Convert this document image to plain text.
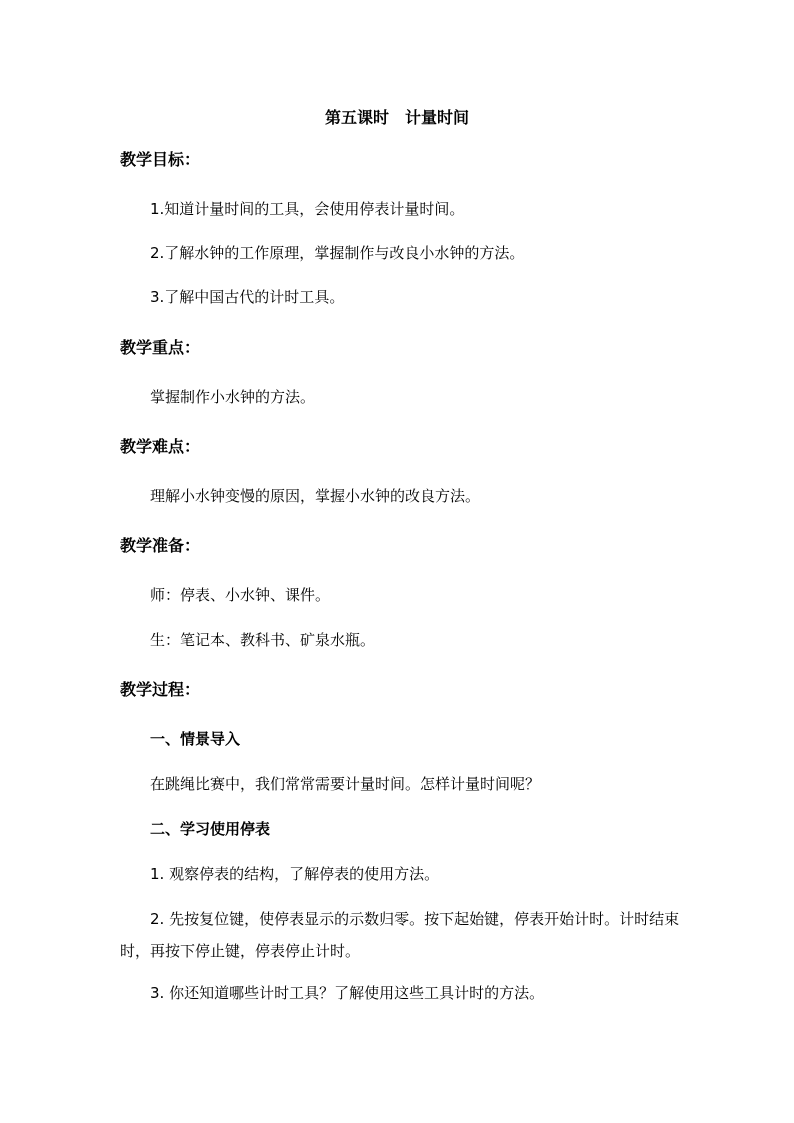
第五课时　计量时间
教学目标：
1.知道计量时间的工具，会使用停表计量时间。
2.了解水钟的工作原理，掌握制作与改良小水钟的方法。
3.了解中国古代的计时工具。
教学重点：
掌握制作小水钟的方法。
教学难点：
理解小水钟变慢的原因，掌握小水钟的改良方法。
教学准备：
师：停表、小水钟、课件。
生：笔记本、教科书、矿泉水瓶。
教学过程：
一、情景导入
在跳绳比赛中，我们常常需要计量时间。怎样计量时间呢？
二、学习使用停表
1. 观察停表的结构，了解停表的使用方法。
2. 先按复位键，使停表显示的示数归零。按下起始键，停表开始计时。计时结束时，再按下停止键，停表停止计时。
3. 你还知道哪些计时工具？了解使用这些工具计时的方法。
